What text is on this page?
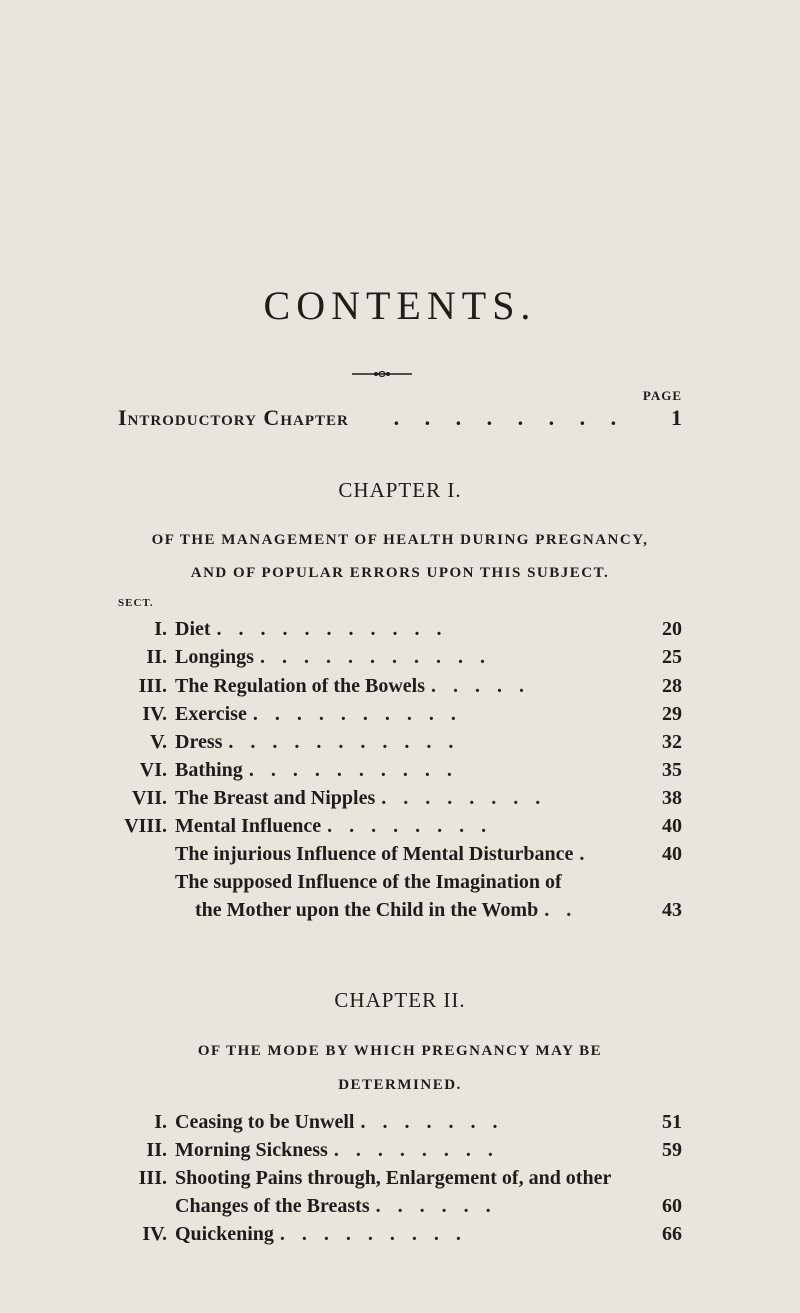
CONTENTS.
PAGE
Introductory Chapter . . . . . . . . 1
CHAPTER I.
OF THE MANAGEMENT OF HEALTH DURING PREGNANCY,
AND OF POPULAR ERRORS UPON THIS SUBJECT.
SECT.
I. Diet . . . . . . . . . . .	20
II. Longings . . . . . . . . . . .	25
III. The Regulation of the Bowels . . . . .	28
IV. Exercise . . . . . . . . . .	29
V. Dress . . . . . . . . . . .	32
VI. Bathing . . . . . . . . . .	35
VII. The Breast and Nipples . . . . . . . .	38
VIII. Mental Influence . . . . . . . .	40
The injurious Influence of Mental Disturbance .	40
The supposed Influence of the Imagination of
the Mother upon the Child in the Womb . .	43
CHAPTER II.
OF THE MODE BY WHICH PREGNANCY MAY BE
DETERMINED.
I. Ceasing to be Unwell . . . . . . .	51
II. Morning Sickness . . . . . . . .	59
III. Shooting Pains through, Enlargement of, and other
Changes of the Breasts . . . . . .	60
IV. Quickening . . . . . . . . .	66
